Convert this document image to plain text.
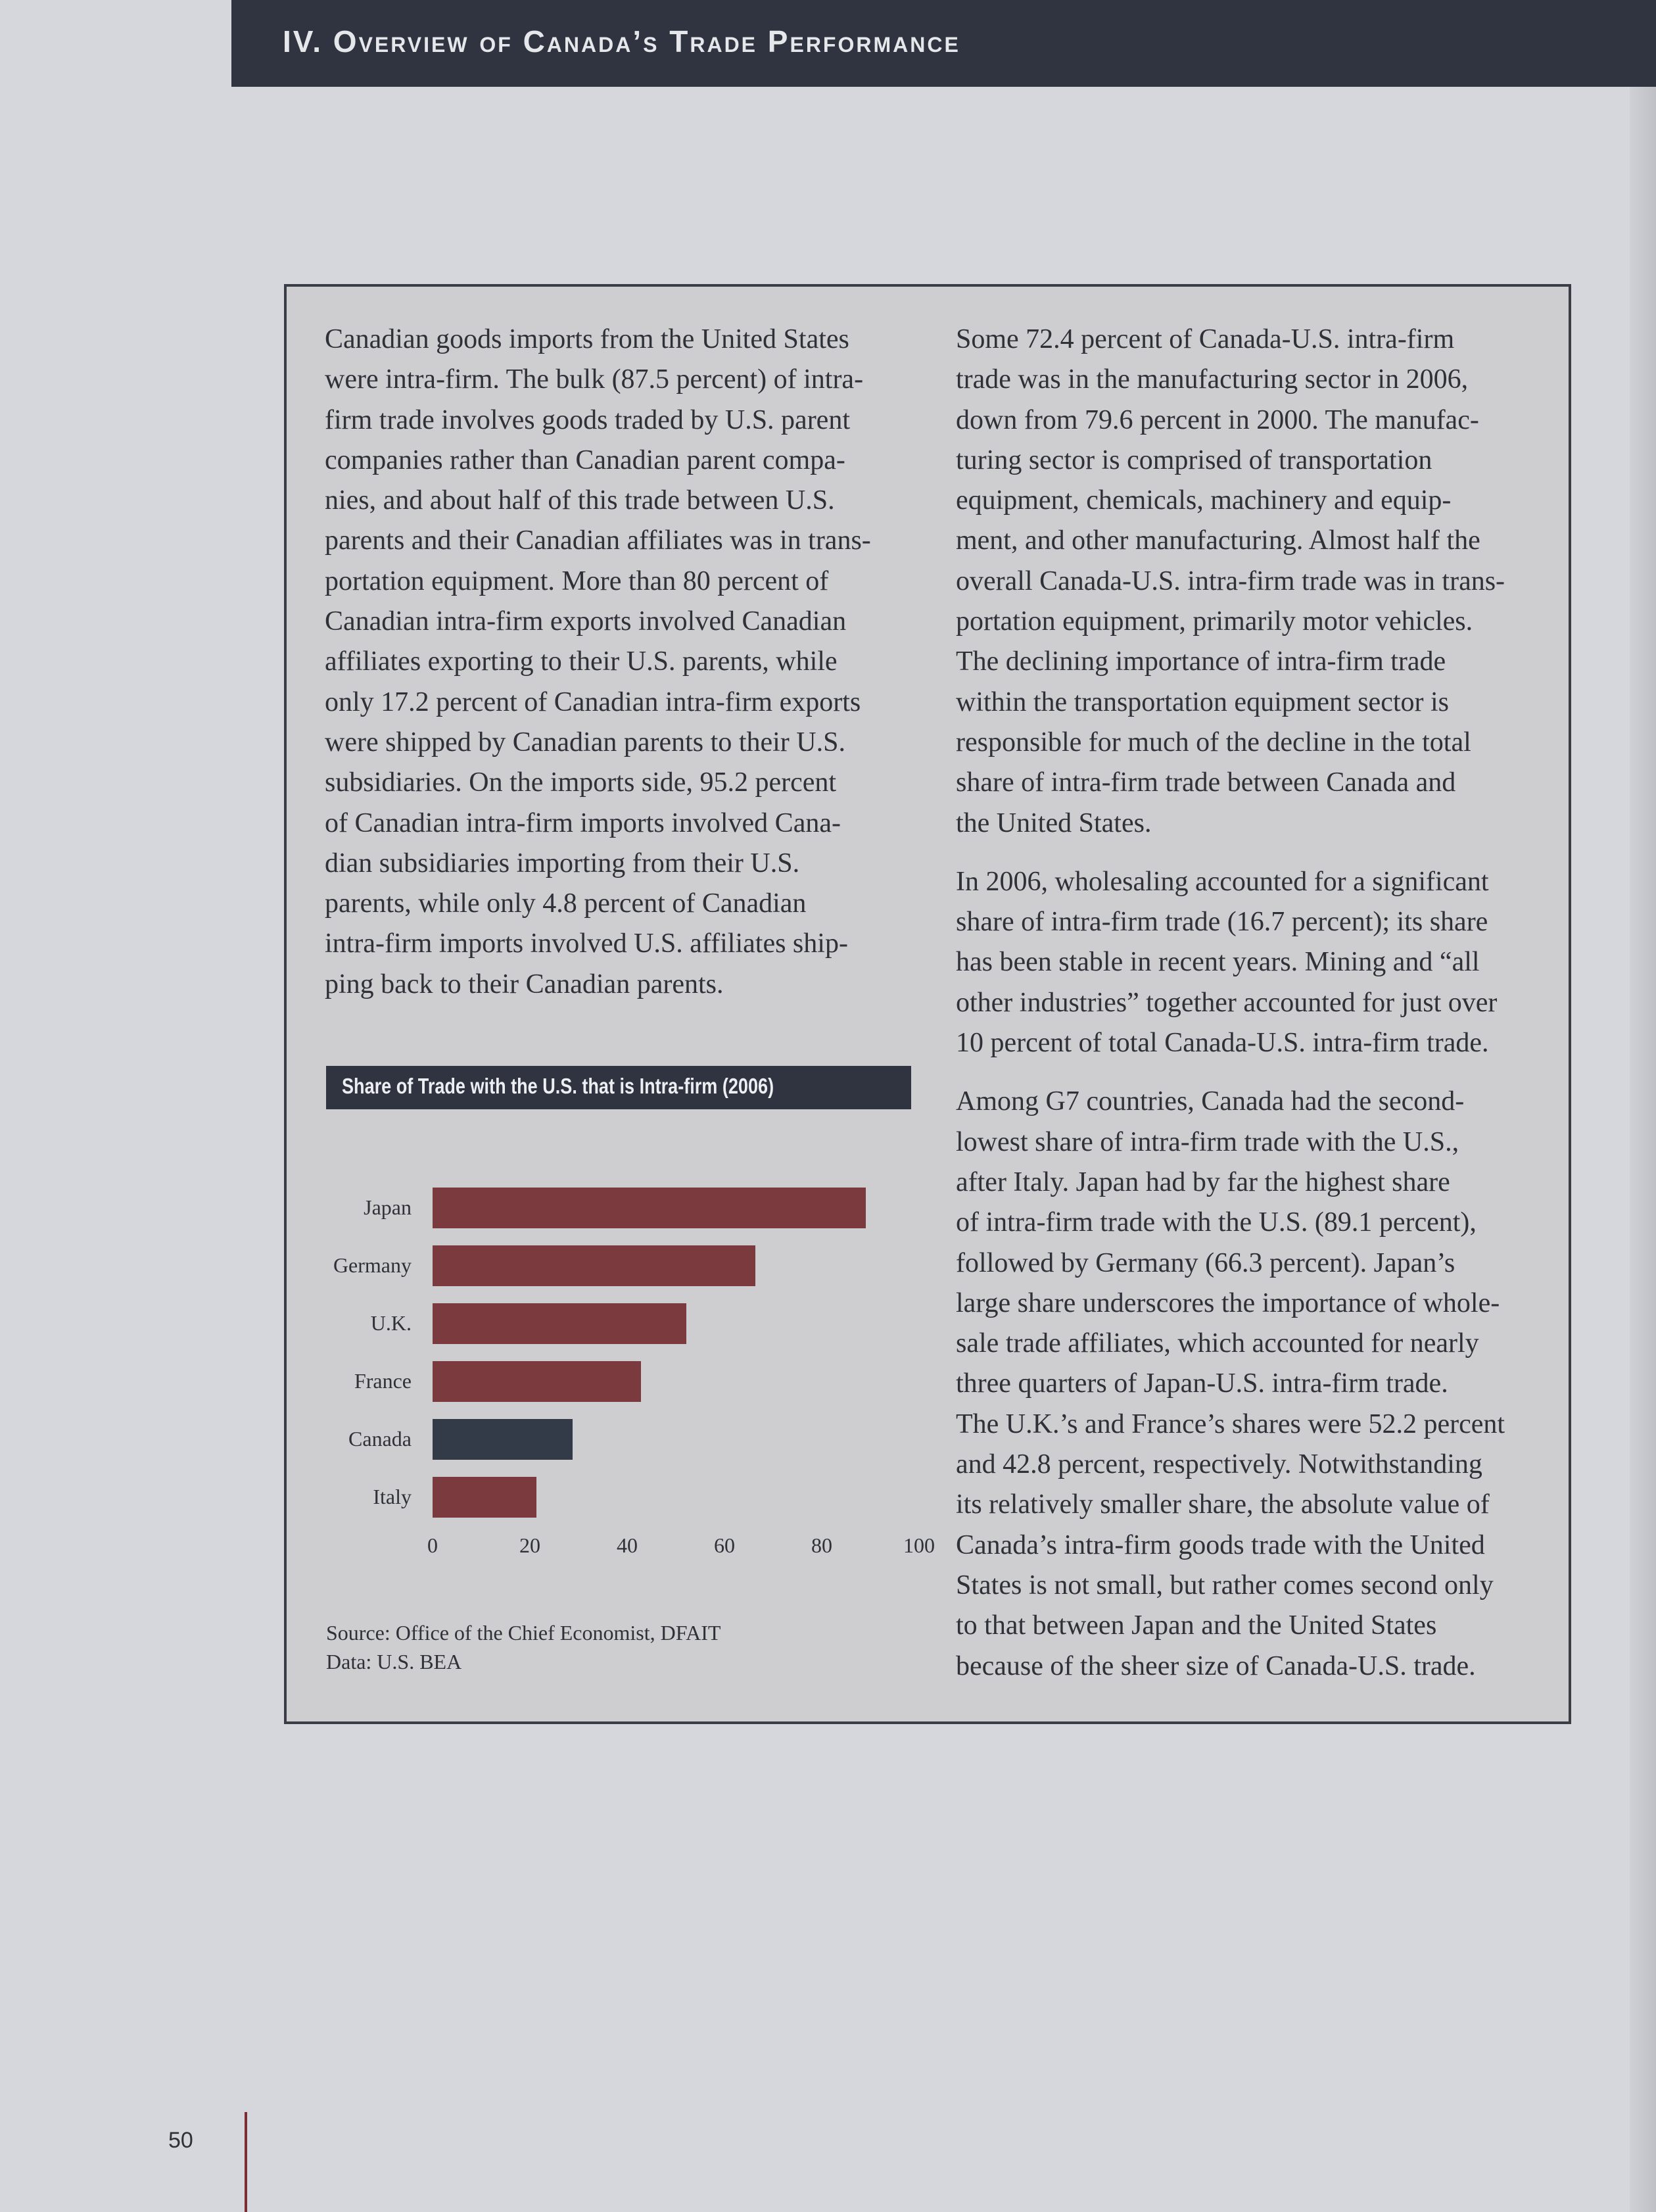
IV. Overview of Canada’s Trade Performance

Canadian goods imports from the United States

were intra-firm. The bulk (87.5 percent) of intra-

firm trade involves goods traded by U.S. parent

companies rather than Canadian parent compa-

nies, and about half of this trade between U.S.

parents and their Canadian affiliates was in trans-

portation equipment. More than 80 percent of

Canadian intra-firm exports involved Canadian

affiliates exporting to their U.S. parents, while

only 17.2 percent of Canadian intra-firm exports

were shipped by Canadian parents to their U.S.

subsidiaries. On the imports side, 95.2 percent

of Canadian intra-firm imports involved Cana-

dian subsidiaries importing from their U.S.

parents, while only 4.8 percent of Canadian

intra-firm imports involved U.S. affiliates ship-

ping back to their Canadian parents.

Share of Trade with the U.S. that is Intra-firm (2006)
Japan
Germany
U.K.
France
Canada
Italy
0	20	40	60	80	100

Source: Office of the Chief Economist, DFAIT

Data: U.S. BEA

Some 72.4 percent of Canada-U.S. intra-firm

trade was in the manufacturing sector in 2006,

down from 79.6 percent in 2000. The manufac-

turing sector is comprised of transportation

equipment, chemicals, machinery and equip-

ment, and other manufacturing. Almost half the

overall Canada-U.S. intra-firm trade was in trans-

portation equipment, primarily motor vehicles.

The declining importance of intra-firm trade

within the transportation equipment sector is

responsible for much of the decline in the total

share of intra-firm trade between Canada and

the United States.

In 2006, wholesaling accounted for a significant

share of intra-firm trade (16.7 percent); its share

has been stable in recent years. Mining and “all

other industries” together accounted for just over

10 percent of total Canada-U.S. intra-firm trade.

Among G7 countries, Canada had the second-

lowest share of intra-firm trade with the U.S.,

after Italy. Japan had by far the highest share

of intra-firm trade with the U.S. (89.1 percent),

followed by Germany (66.3 percent). Japan’s

large share underscores the importance of whole-

sale trade affiliates, which accounted for nearly

three quarters of Japan-U.S. intra-firm trade.

The U.K.’s and France’s shares were 52.2 percent

and 42.8 percent, respectively. Notwithstanding

its relatively smaller share, the absolute value of

Canada’s intra-firm goods trade with the United

States is not small, but rather comes second only

to that between Japan and the United States

because of the sheer size of Canada-U.S. trade.

50
